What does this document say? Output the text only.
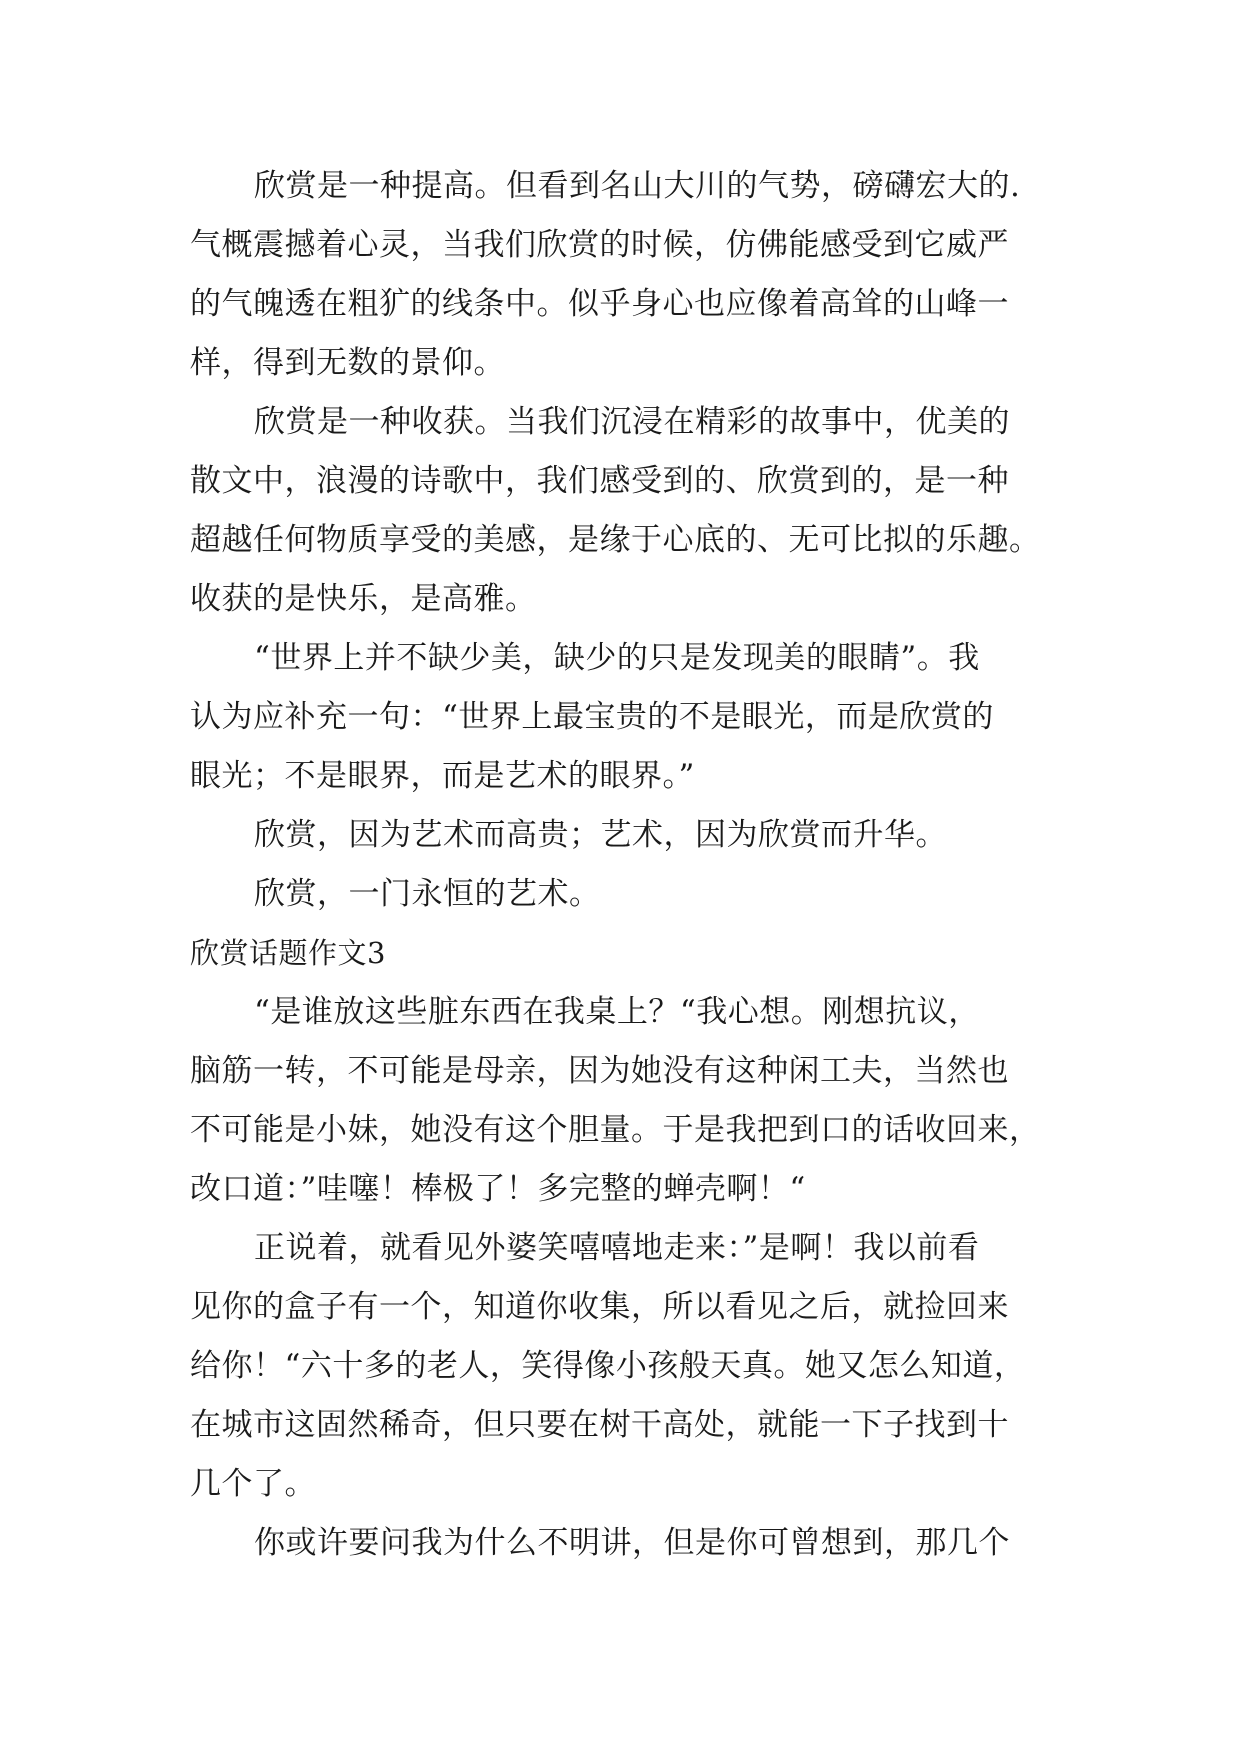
欣赏是一种提高。但看到名山大川的气势，磅礴宏大的.
气概震撼着心灵，当我们欣赏的时候，仿佛能感受到它威严
的气魄透在粗犷的线条中。似乎身心也应像着高耸的山峰一
样，得到无数的景仰。
欣赏是一种收获。当我们沉浸在精彩的故事中，优美的
散文中，浪漫的诗歌中，我们感受到的、欣赏到的，是一种
超越任何物质享受的美感，是缘于心底的、无可比拟的乐趣。
收获的是快乐，是高雅。
“世界上并不缺少美，缺少的只是发现美的眼睛”。我
认为应补充一句：“世界上最宝贵的不是眼光，而是欣赏的
眼光；不是眼界，而是艺术的眼界。”
欣赏，因为艺术而高贵；艺术，因为欣赏而升华。
欣赏，一门永恒的艺术。
欣赏话题作文3
“是谁放这些脏东西在我桌上？“我心想。刚想抗议，
脑筋一转，不可能是母亲，因为她没有这种闲工夫，当然也
不可能是小妹，她没有这个胆量。于是我把到口的话收回来，
改口道：”哇噻！棒极了！多完整的蝉壳啊！“
正说着，就看见外婆笑嘻嘻地走来：”是啊！我以前看
见你的盒子有一个，知道你收集，所以看见之后，就捡回来
给你！“六十多的老人，笑得像小孩般天真。她又怎么知道，
在城市这固然稀奇，但只要在树干高处，就能一下子找到十
几个了。
你或许要问我为什么不明讲，但是你可曾想到，那几个
